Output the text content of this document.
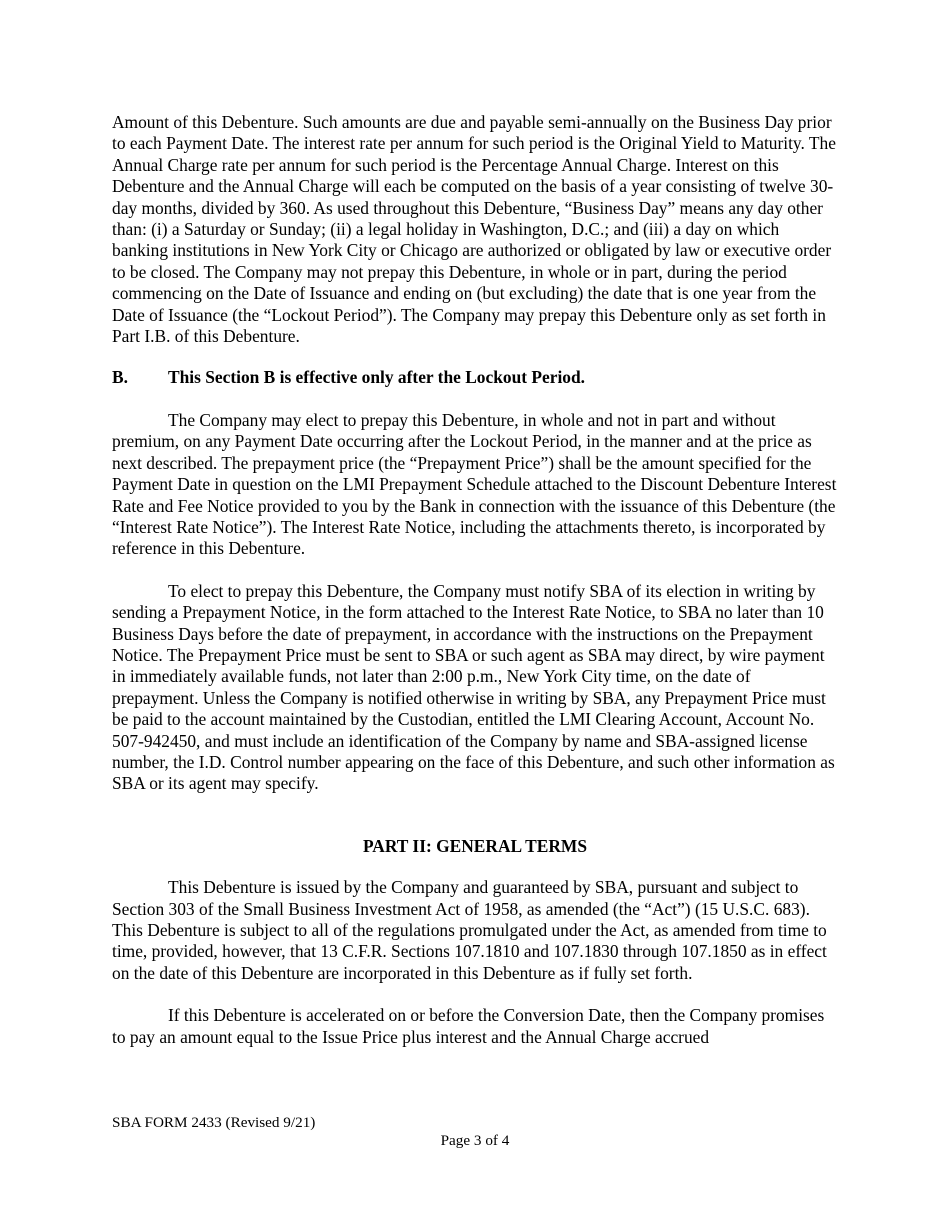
Amount of this Debenture. Such amounts are due and payable semi-annually on the Business Day prior to each Payment Date. The interest rate per annum for such period is the Original Yield to Maturity. The Annual Charge rate per annum for such period is the Percentage Annual Charge. Interest on this Debenture and the Annual Charge will each be computed on the basis of a year consisting of twelve 30-day months, divided by 360. As used throughout this Debenture, “Business Day” means any day other than: (i) a Saturday or Sunday; (ii) a legal holiday in Washington, D.C.; and (iii) a day on which banking institutions in New York City or Chicago are authorized or obligated by law or executive order to be closed. The Company may not prepay this Debenture, in whole or in part, during the period commencing on the Date of Issuance and ending on (but excluding) the date that is one year from the Date of Issuance (the “Lockout Period”). The Company may prepay this Debenture only as set forth in Part I.B. of this Debenture.

B.	This Section B is effective only after the Lockout Period.

The Company may elect to prepay this Debenture, in whole and not in part and without premium, on any Payment Date occurring after the Lockout Period, in the manner and at the price as next described. The prepayment price (the “Prepayment Price”) shall be the amount specified for the Payment Date in question on the LMI Prepayment Schedule attached to the Discount Debenture Interest Rate and Fee Notice provided to you by the Bank in connection with the issuance of this Debenture (the “Interest Rate Notice”). The Interest Rate Notice, including the attachments thereto, is incorporated by reference in this Debenture.

To elect to prepay this Debenture, the Company must notify SBA of its election in writing by sending a Prepayment Notice, in the form attached to the Interest Rate Notice, to SBA no later than 10 Business Days before the date of prepayment, in accordance with the instructions on the Prepayment Notice. The Prepayment Price must be sent to SBA or such agent as SBA may direct, by wire payment in immediately available funds, not later than 2:00 p.m., New York City time, on the date of prepayment. Unless the Company is notified otherwise in writing by SBA, any Prepayment Price must be paid to the account maintained by the Custodian, entitled the LMI Clearing Account, Account No. 507-942450, and must include an identification of the Company by name and SBA-assigned license number, the I.D. Control number appearing on the face of this Debenture, and such other information as SBA or its agent may specify.

PART II: GENERAL TERMS

This Debenture is issued by the Company and guaranteed by SBA, pursuant and subject to Section 303 of the Small Business Investment Act of 1958, as amended (the “Act”) (15 U.S.C. 683). This Debenture is subject to all of the regulations promulgated under the Act, as amended from time to time, provided, however, that 13 C.F.R. Sections 107.1810 and 107.1830 through 107.1850 as in effect on the date of this Debenture are incorporated in this Debenture as if fully set forth.

If this Debenture is accelerated on or before the Conversion Date, then the Company promises to pay an amount equal to the Issue Price plus interest and the Annual Charge accrued

SBA FORM 2433 (Revised 9/21)
Page 3 of 4
